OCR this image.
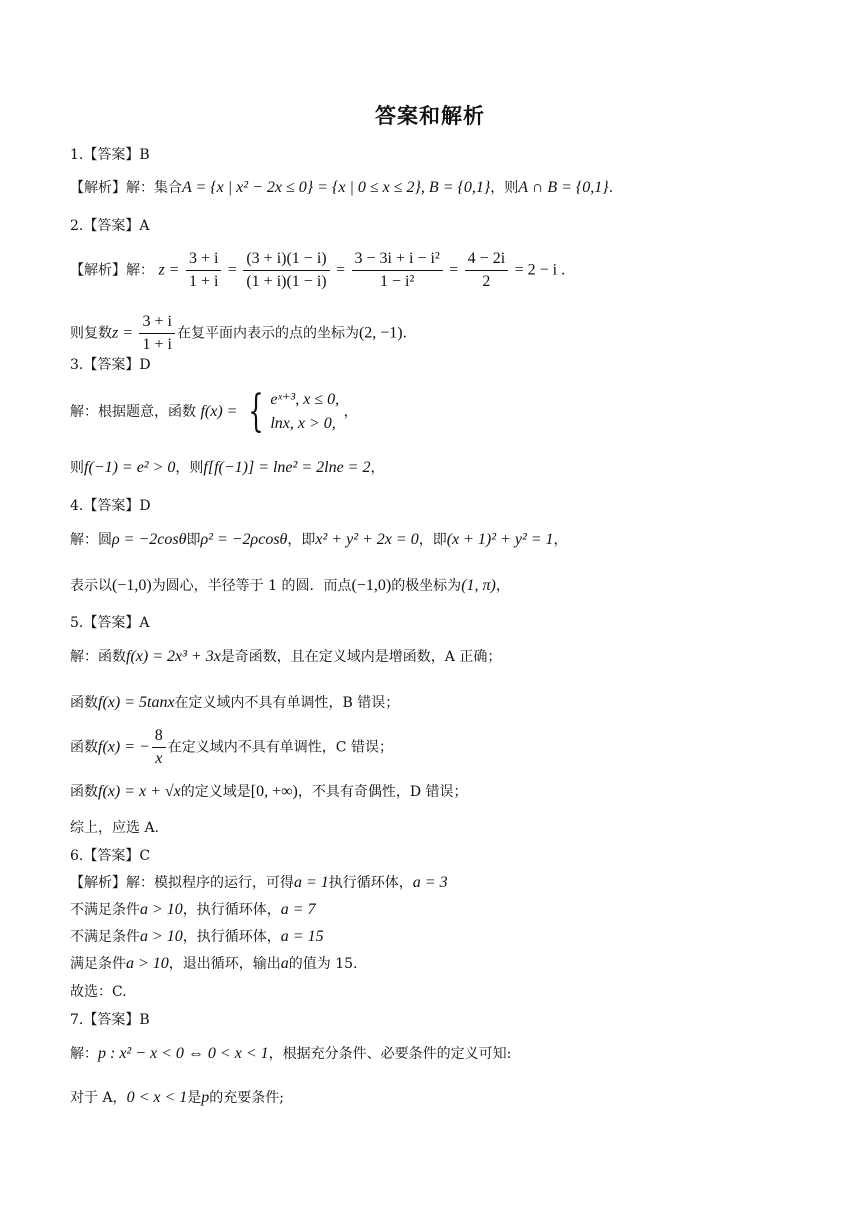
答案和解析
1.【答案】B
【解析】解：集合A = {x | x² − 2x ≤ 0} = {x | 0 ≤ x ≤ 2}, B = {0,1}，则A ∩ B = {0,1}.
2.【答案】A
【解析】解： $z = \frac{3 + i}{1 + i} = \frac{(3 + i)(1 - i)}{(1 + i)(1 - i)} = \frac{\text{3 − 3i + i − i²}}{\text{1 − i²}} = \frac{4 - 2i}{2} = 2 - i$ .
则复数$z = \frac{3 + i}{1 + i}$ 在复平面内表示的点的坐标为(2, −1).
3.【答案】D
解：根据题意，函数 f(x) = { eˣ⁺³, x ≤ 0,
lnx, x > 0,
，
则f(−1) = e² > 0，则f[f(−1)] = lne² = 2lne = 2，
4.【答案】D
解：圆ρ = −2cosθ即ρ² = −2ρcosθ，即x² + y² + 2x = 0，即(x + 1)² + y² = 1，
表示以(−1,0)为圆心，半径等于 1 的圆．而点(−1,0)的极坐标为(1, π)，
5.【答案】A
解：函数f(x) = 2x³ + 3x是奇函数，且在定义域内是增函数，A 正确；
函数f(x) = 5tanx在定义域内不具有单调性，B 错误；
函数f(x) = − $\frac{8}{x}$ 在定义域内不具有单调性，C 错误；
函数f(x) = x + √x的定义域是[0, +∞)，不具有奇偶性，D 错误；
综上，应选 A.
6.【答案】C
【解析】解：模拟程序的运行，可得a = 1执行循环体，a = 3
不满足条件a > 10，执行循环体，a = 7
不满足条件a > 10，执行循环体，a = 15
满足条件a > 10，退出循环，输出a的值为 15.
故选：C.
7.【答案】B
解：p : x² − x < 0 ⇔ 0 < x < 1，根据充分条件、必要条件的定义可知:
对于 A，0 < x < 1是p的充要条件;
